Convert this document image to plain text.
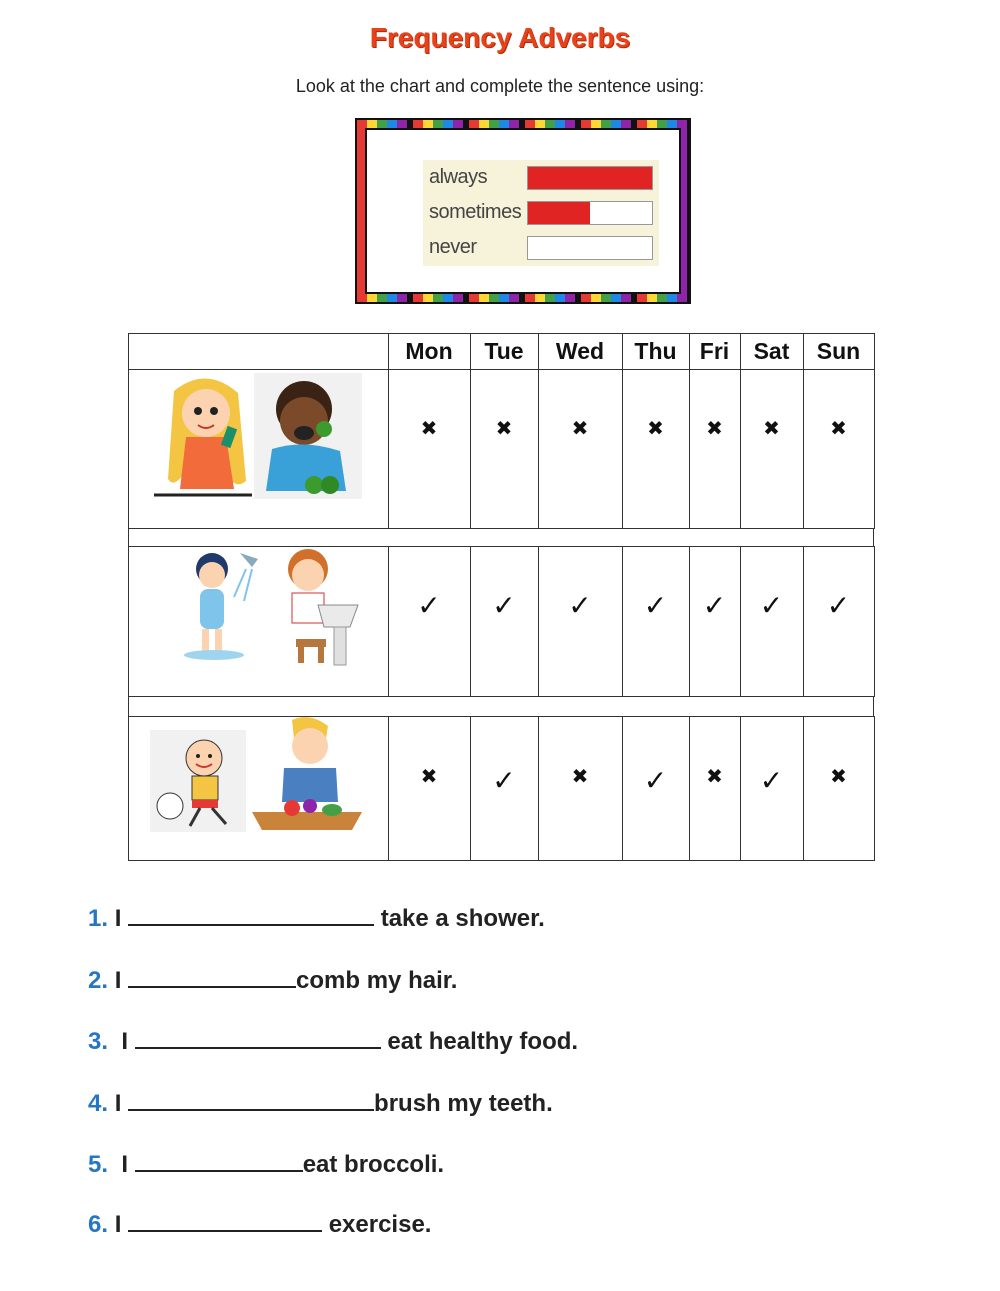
Frequency Adverbs
Look at the chart and complete the sentence using:
always
sometimes
never
Mon	Tue	Wed	Thu	Fri	Sat	Sun
✖	✖	✖	✖	✖	✖	✖
✓	✓	✓	✓	✓	✓	✓
✖	✓	✖	✓	✖	✓	✖
1. I	take a shower.
2. I	comb my hair.
3. I	eat healthy food.
4. I	brush my teeth.
5. I	eat broccoli.
6. I	exercise.
